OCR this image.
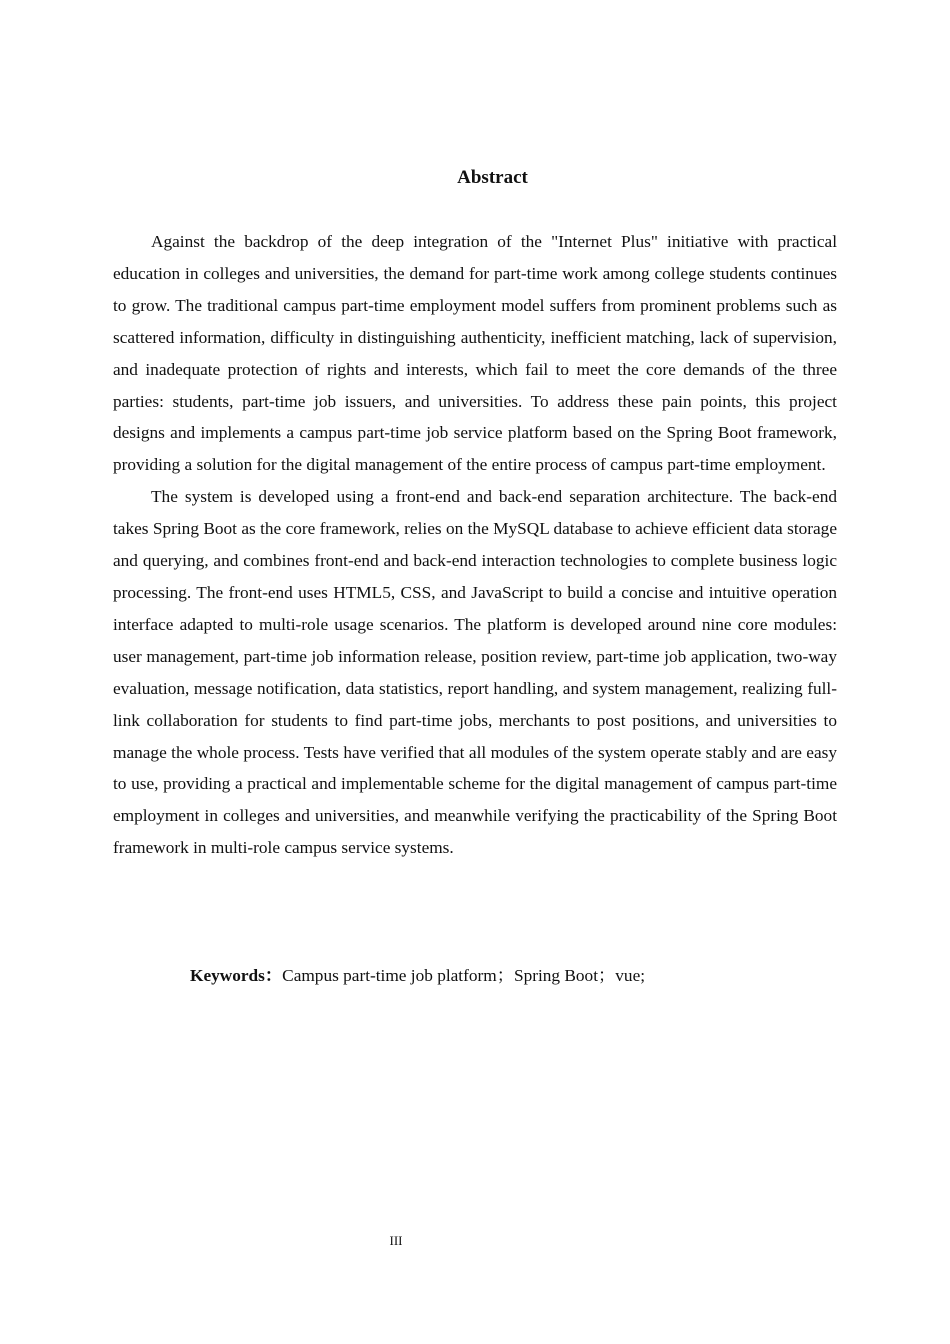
Abstract

Against the backdrop of the deep integration of the "Internet Plus" initiative with practical education in colleges and universities, the demand for part-time work among college students continues to grow. The traditional campus part-time employment model suffers from prominent problems such as scattered information, difficulty in distinguishing authenticity, inefficient matching, lack of supervision, and inadequate protection of rights and interests, which fail to meet the core demands of the three parties: students, part-time job issuers, and universities. To address these pain points, this project designs and implements a campus part-time job service platform based on the Spring Boot framework, providing a solution for the digital management of the entire process of campus part-time employment.

The system is developed using a front-end and back-end separation architecture. The back-end takes Spring Boot as the core framework, relies on the MySQL database to achieve efficient data storage and querying, and combines front-end and back-end interaction technologies to complete business logic processing. The front-end uses HTML5, CSS, and JavaScript to build a concise and intuitive operation interface adapted to multi-role usage scenarios. The platform is developed around nine core modules: user management, part-time job information release, position review, part-time job application, two-way evaluation, message notification, data statistics, report handling, and system management, realizing full-link collaboration for students to find part-time jobs, merchants to post positions, and universities to manage the whole process. Tests have verified that all modules of the system operate stably and are easy to use, providing a practical and implementable scheme for the digital management of campus part-time employment in colleges and universities, and meanwhile verifying the practicability of the Spring Boot framework in multi-role campus service systems.

Keywords：Campus part-time job platform；Spring Boot；vue;
III
